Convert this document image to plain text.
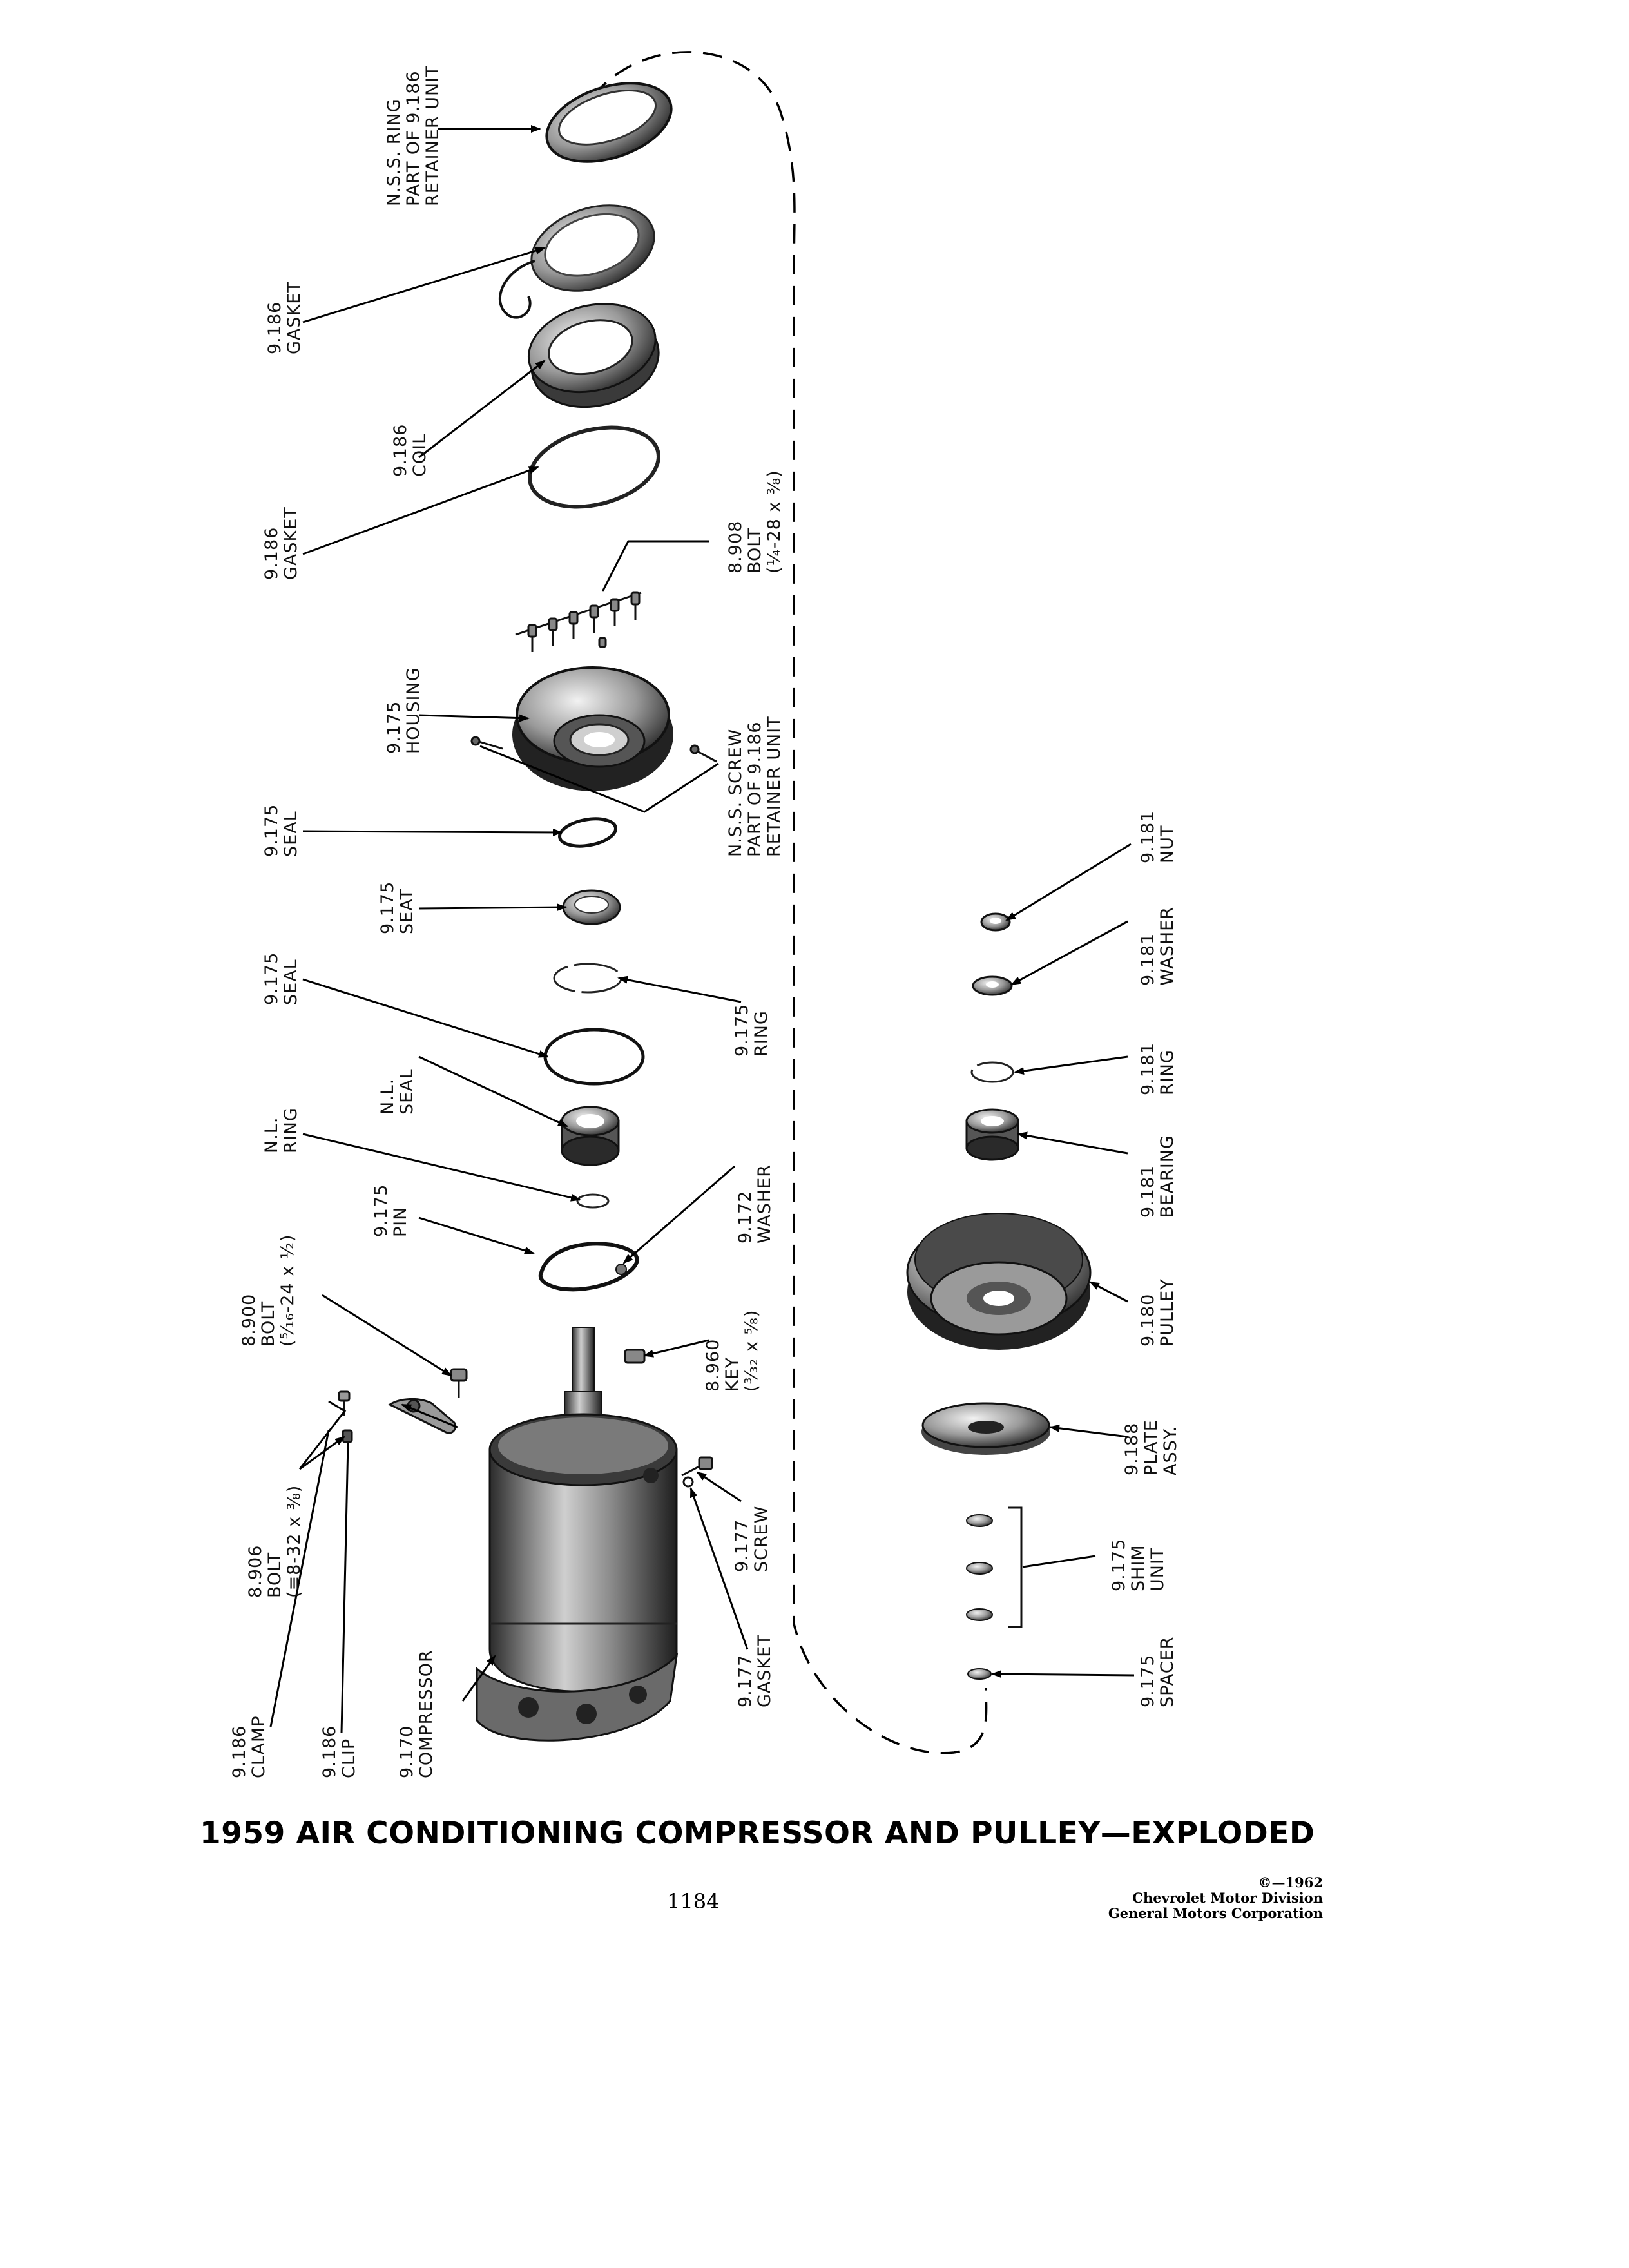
N.S.S. RINGPART OF 9.186RETAINER UNIT
9.186GASKET
9.186COIL
9.186GASKET	8.908BOLT(¼-28 x ⅜)
9.175HOUSING
N.S.S. SCREWPART OF 9.186RETAINER UNIT
9.175SEAL
9.175SEAT
9.175SEAL
9.175RING
N.L.SEAL
N.L.RING
9.175PIN	9.172WASHER
8.900BOLT(⁵⁄₁₆-24 x ½)
8.960KEY(³⁄₃₂ x ⅝)
8.906BOLT(≡8-32 x ⅜)	9.177SCREW
9.177GASKET
9.186CLAMP	9.186CLIP 9.170COMPRESSOR
9.181NUT
9.181WASHER
9.181RING
9.181BEARING
9.180PULLEY
9.188PLATEASSY.
9.175SHIMUNIT
9.175SPACER
1959 AIR CONDITIONING COMPRESSOR AND PULLEY—EXPLODED
1184
©—1962
Chevrolet Motor Division
General Motors Corporation
